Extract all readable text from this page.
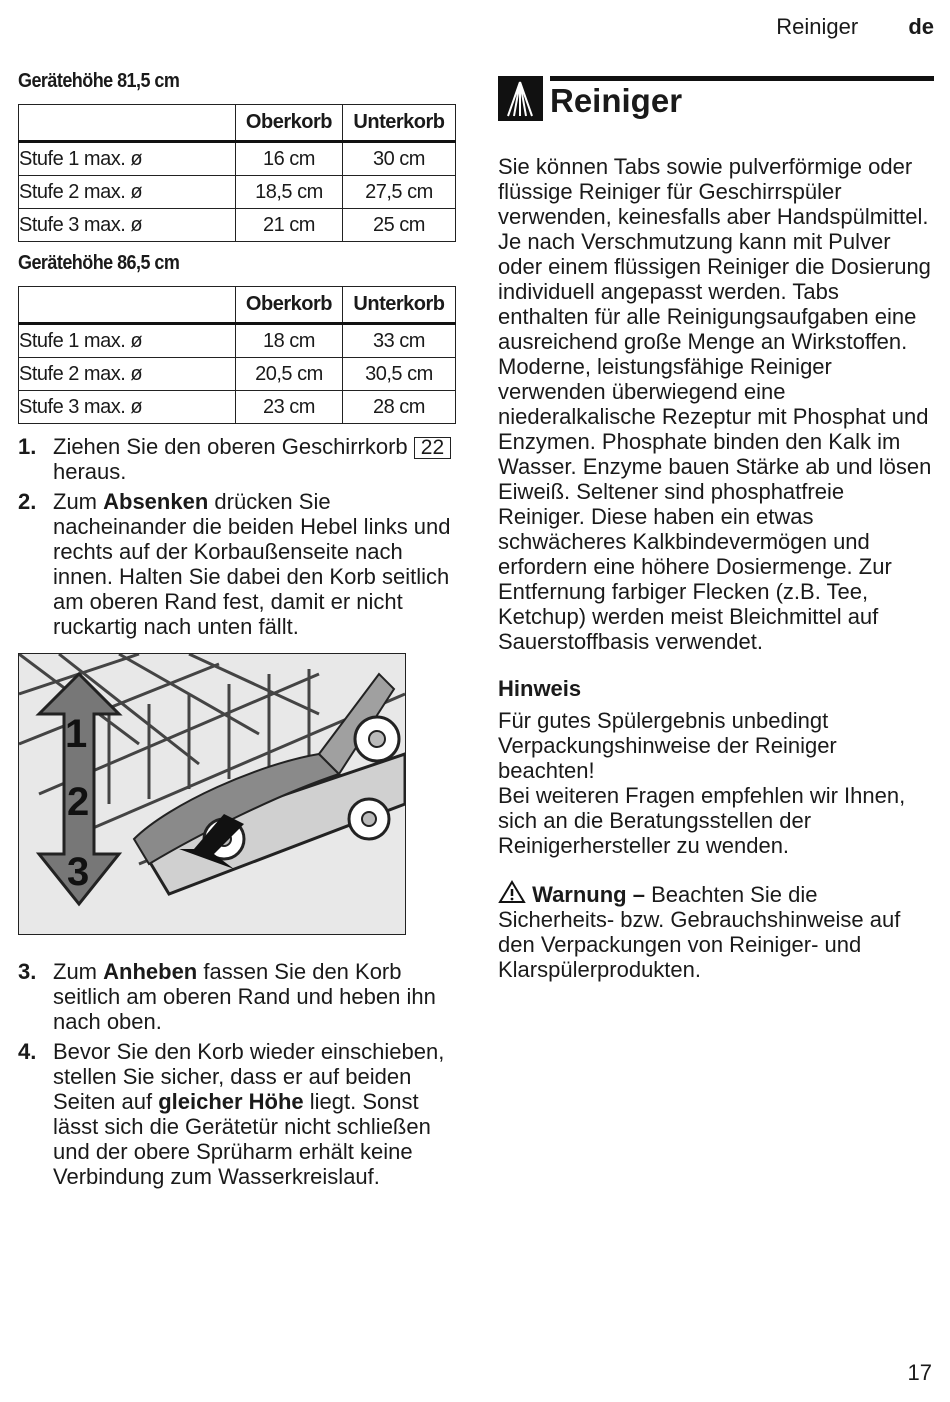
Reiniger de
Gerätehöhe 81,5 cm
	Oberkorb	Unterkorb
Stufe 1 max. ø	16 cm	30 cm
Stufe 2 max. ø	18,5 cm	27,5 cm
Stufe 3 max. ø	21 cm	25 cm
Gerätehöhe 86,5 cm
	Oberkorb	Unterkorb
Stufe 1 max. ø	18 cm	33 cm
Stufe 2 max. ø	20,5 cm	30,5 cm
Stufe 3 max. ø	23 cm	28 cm
1. Ziehen Sie den oberen Geschirrkorb 22 heraus.
2. Zum Absenken drücken Sie nacheinander die beiden Hebel links und rechts auf der Korbaußenseite nach innen. Halten Sie dabei den Korb seitlich am oberen Rand fest, damit er nicht ruckartig nach unten fällt.
1
2
3
3. Zum Anheben fassen Sie den Korb seitlich am oberen Rand und heben ihn nach oben.
4. Bevor Sie den Korb wieder einschieben, stellen Sie sicher, dass er auf beiden Seiten auf gleicher Höhe liegt. Sonst lässt sich die Gerätetür nicht schließen und der obere Sprüharm erhält keine Verbindung zum Wasserkreislauf.
Reiniger

Sie können Tabs sowie pulverförmige oder flüssige Reiniger für Geschirrspüler verwenden, keinesfalls aber Handspülmittel. Je nach Verschmutzung kann mit Pulver oder einem flüssigen Reiniger die Dosierung individuell angepasst werden. Tabs enthalten für alle Reinigungsaufgaben eine ausreichend große Menge an Wirkstoffen. Moderne, leistungsfähige Reiniger verwenden überwiegend eine niederalkalische Rezeptur mit Phosphat und Enzymen. Phosphate binden den Kalk im Wasser. Enzyme bauen Stärke ab und lösen Eiweiß. Seltener sind phosphatfreie Reiniger. Diese haben ein etwas schwächeres Kalkbindevermögen und erfordern eine höhere Dosiermenge. Zur Entfernung farbiger Flecken (z.B. Tee, Ketchup) werden meist Bleichmittel auf Sauerstoffbasis verwendet.

Hinweis

Für gutes Spülergebnis unbedingt Verpackungshinweise der Reiniger beachten!

Bei weiteren Fragen empfehlen wir Ihnen, sich an die Beratungsstellen der Reinigerhersteller zu wenden.

Warnung – Beachten Sie die Sicherheits- bzw. Gebrauchshinweise auf den Verpackungen von Reiniger- und Klarspülerprodukten.
17
